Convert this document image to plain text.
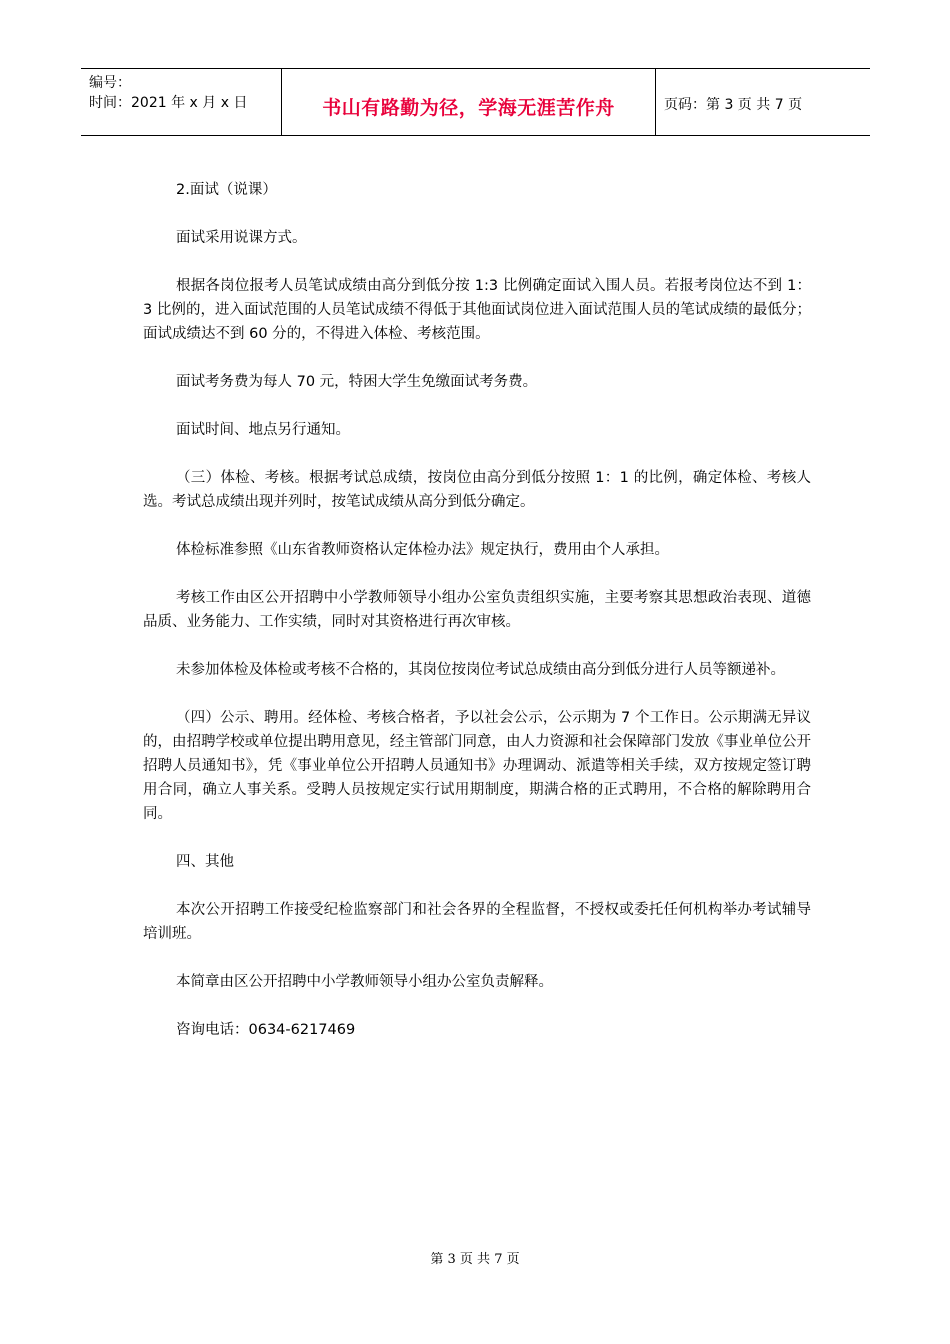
编号：
时间：2021 年 x 月 x 日	书山有路勤为径，学海无涯苦作舟	页码：第 3 页 共 7 页

2.面试（说课）

面试采用说课方式。

根据各岗位报考人员笔试成绩由高分到低分按 1:3 比例确定面试入围人员。若报考岗位达不到 1：3 比例的，进入面试范围的人员笔试成绩不得低于其他面试岗位进入面试范围人员的笔试成绩的最低分；面试成绩达不到 60 分的，不得进入体检、考核范围。

面试考务费为每人 70 元，特困大学生免缴面试考务费。

面试时间、地点另行通知。

（三）体检、考核。根据考试总成绩，按岗位由高分到低分按照 1：1 的比例，确定体检、考核人选。考试总成绩出现并列时，按笔试成绩从高分到低分确定。

体检标准参照《山东省教师资格认定体检办法》规定执行，费用由个人承担。

考核工作由区公开招聘中小学教师领导小组办公室负责组织实施，主要考察其思想政治表现、道德品质、业务能力、工作实绩，同时对其资格进行再次审核。

未参加体检及体检或考核不合格的，其岗位按岗位考试总成绩由高分到低分进行人员等额递补。

（四）公示、聘用。经体检、考核合格者，予以社会公示，公示期为 7 个工作日。公示期满无异议的，由招聘学校或单位提出聘用意见，经主管部门同意，由人力资源和社会保障部门发放《事业单位公开招聘人员通知书》，凭《事业单位公开招聘人员通知书》办理调动、派遣等相关手续，双方按规定签订聘用合同，确立人事关系。受聘人员按规定实行试用期制度，期满合格的正式聘用，不合格的解除聘用合同。

四、其他

本次公开招聘工作接受纪检监察部门和社会各界的全程监督，不授权或委托任何机构举办考试辅导培训班。

本简章由区公开招聘中小学教师领导小组办公室负责解释。

咨询电话：0634-6217469

第 3 页 共 7 页
